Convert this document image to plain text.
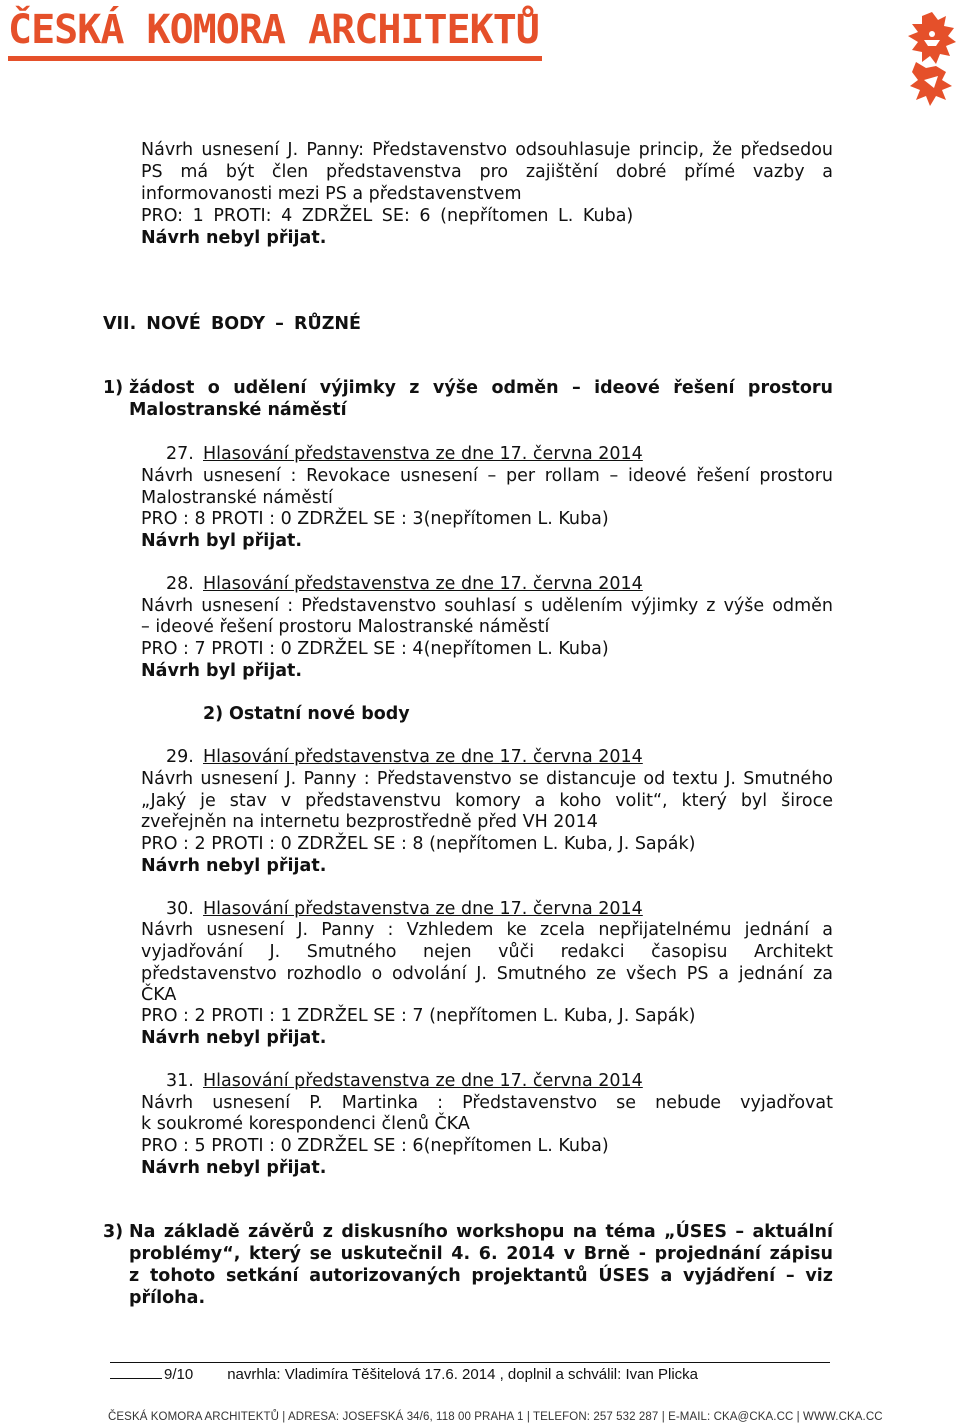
ČESKÁ KOMORA ARCHITEKTŮ
Návrh usnesení J. Panny: Představenstvo odsouhlasuje princip, že předsedou
PS má být člen představenstva pro zajištění dobré přímé vazby a
informovanosti mezi PS a představenstvem
PRO: 1 PROTI: 4 ZDRŽEL SE: 6 (nepřítomen L. Kuba)
Návrh nebyl přijat.
VII. NOVÉ BODY – RŮZNÉ
1) žádost o udělení výjimky z výše odměn – ideové řešení prostoru
Malostranské náměstí
27. Hlasování představenstva ze dne 17. června 2014
Návrh usnesení : Revokace usnesení – per rollam – ideové řešení prostoru
Malostranské náměstí
PRO : 8 PROTI : 0 ZDRŽEL SE : 3(nepřítomen L. Kuba)
Návrh byl přijat.
28. Hlasování představenstva ze dne 17. června 2014
Návrh usnesení : Představenstvo souhlasí s udělením výjimky z výše odměn
– ideové řešení prostoru Malostranské náměstí
PRO : 7 PROTI : 0 ZDRŽEL SE : 4(nepřítomen L. Kuba)
Návrh byl přijat.
2) Ostatní nové body
29. Hlasování představenstva ze dne 17. června 2014
Návrh usnesení J. Panny : Představenstvo se distancuje od textu J. Smutného
„Jaký je stav v představenstvu komory a koho volit“, který byl široce
zveřejněn na internetu bezprostředně před VH 2014
PRO : 2 PROTI : 0 ZDRŽEL SE : 8 (nepřítomen L. Kuba, J. Sapák)
Návrh nebyl přijat.
30. Hlasování představenstva ze dne 17. června 2014
Návrh usnesení J. Panny : Vzhledem ke zcela nepřijatelnému jednání a
vyjadřování J. Smutného nejen vůči redakci časopisu Architekt
představenstvo rozhodlo o odvolání J. Smutného ze všech PS a jednání za
ČKA
PRO : 2 PROTI : 1 ZDRŽEL SE : 7 (nepřítomen L. Kuba, J. Sapák)
Návrh nebyl přijat.
31. Hlasování představenstva ze dne 17. června 2014
Návrh usnesení P. Martinka : Představenstvo se nebude vyjadřovat
k soukromé korespondenci členů ČKA
PRO : 5 PROTI : 0 ZDRŽEL SE : 6(nepřítomen L. Kuba)
Návrh nebyl přijat.
3) Na základě závěrů z diskusního workshopu na téma „ÚSES – aktuální
problémy“, který se uskutečnil 4. 6. 2014 v Brně - projednání zápisu
z tohoto setkání autorizovaných projektantů ÚSES a vyjádření – viz
příloha.
9/10 navrhla: Vladimíra Těšitelová 17.6. 2014 , doplnil a schválil: Ivan Plicka
ČESKÁ KOMORA ARCHITEKTŮ | ADRESA: JOSEFSKÁ 34/6, 118 00 PRAHA 1 | TELEFON: 257 532 287 | E-MAIL: CKA@CKA.CC | WWW.CKA.CC
